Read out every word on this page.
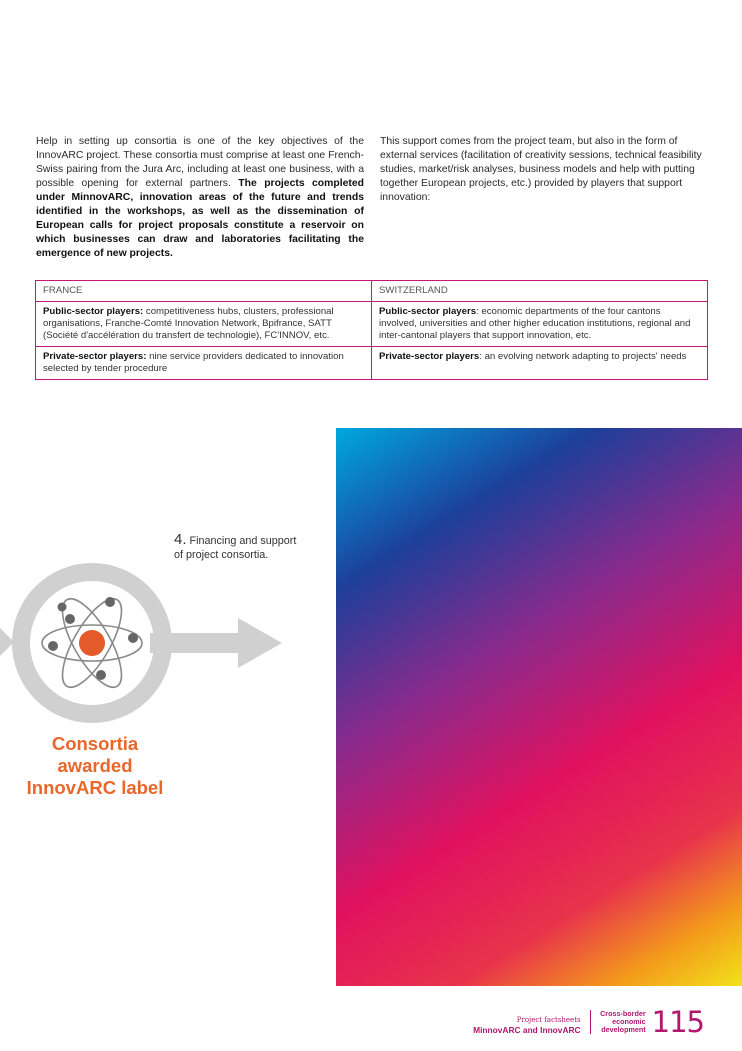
Help in setting up consortia is one of the key objectives of the InnovARC project. These consortia must comprise at least one French-Swiss pairing from the Jura Arc, including at least one business, with a possible opening for external partners. The projects completed under MinnovARC, innovation areas of the future and trends identified in the workshops, as well as the dissemination of European calls for project proposals constitute a reservoir on which businesses can draw and laboratories facilitating the emergence of new projects.
This support comes from the project team, but also in the form of external services (facilitation of creativity sessions, technical feasibility studies, market/risk analyses, business models and help with putting together European projects, etc.) provided by players that support innovation:
FRANCE	SWITZERLAND
Public-sector players: competitiveness hubs, clusters, professional organisations, Franche-Comté Innovation Network, Bpifrance, SATT (Société d'accélération du transfert de technologie), FC'INNOV, etc.	Public-sector players: economic departments of the four cantons involved, universities and other higher education institutions, regional and inter-cantonal players that support innovation, etc.
Private-sector players: nine service providers dedicated to innovation selected by tender procedure	Private-sector players: an evolving network adapting to projects' needs
4. Financing and support
of project consortia.
Consortia
awarded
InnovARC label
Project factsheets
MinnovARC and InnovARC
Cross-border
economic
development 115
